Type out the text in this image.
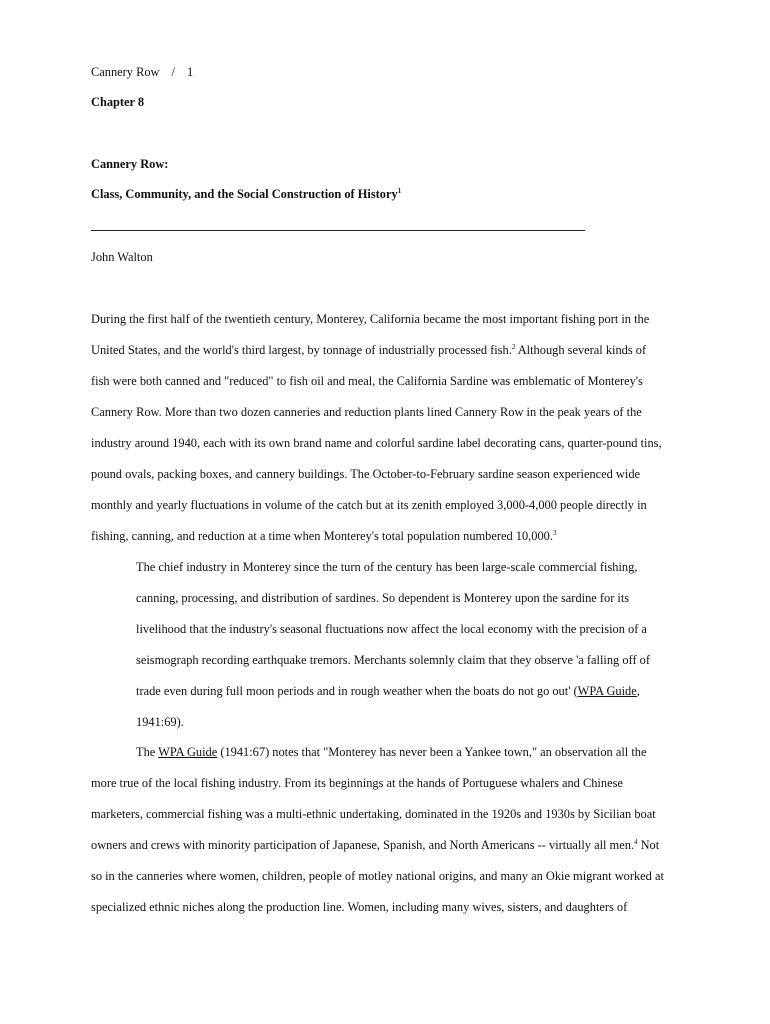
Cannery Row / 1
Chapter 8
Cannery Row:
Class, Community, and the Social Construction of History$^1$
John Walton
During the first half of the twentieth century, Monterey, California became the most important fishing port in the
United States, and the world's third largest, by tonnage of industrially processed fish.$^2$ Although several kinds of
fish were both canned and "reduced" to fish oil and meal, the California Sardine was emblematic of Monterey's
Cannery Row. More than two dozen canneries and reduction plants lined Cannery Row in the peak years of the
industry around 1940, each with its own brand name and colorful sardine label decorating cans, quarter-pound tins,
pound ovals, packing boxes, and cannery buildings. The October-to-February sardine season experienced wide
monthly and yearly fluctuations in volume of the catch but at its zenith employed 3,000-4,000 people directly in
fishing, canning, and reduction at a time when Monterey's total population numbered 10,000.$^3$
The chief industry in Monterey since the turn of the century has been large-scale commercial fishing,
canning, processing, and distribution of sardines. So dependent is Monterey upon the sardine for its
livelihood that the industry's seasonal fluctuations now affect the local economy with the precision of a
seismograph recording earthquake tremors. Merchants solemnly claim that they observe 'a falling off of
trade even during full moon periods and in rough weather when the boats do not go out' (WPA Guide,
1941:69).
The WPA Guide (1941:67) notes that "Monterey has never been a Yankee town," an observation all the
more true of the local fishing industry. From its beginnings at the hands of Portuguese whalers and Chinese
marketers, commercial fishing was a multi-ethnic undertaking, dominated in the 1920s and 1930s by Sicilian boat
owners and crews with minority participation of Japanese, Spanish, and North Americans -- virtually all men.$^4$ Not
so in the canneries where women, children, people of motley national origins, and many an Okie migrant worked at
specialized ethnic niches along the production line. Women, including many wives, sisters, and daughters of
